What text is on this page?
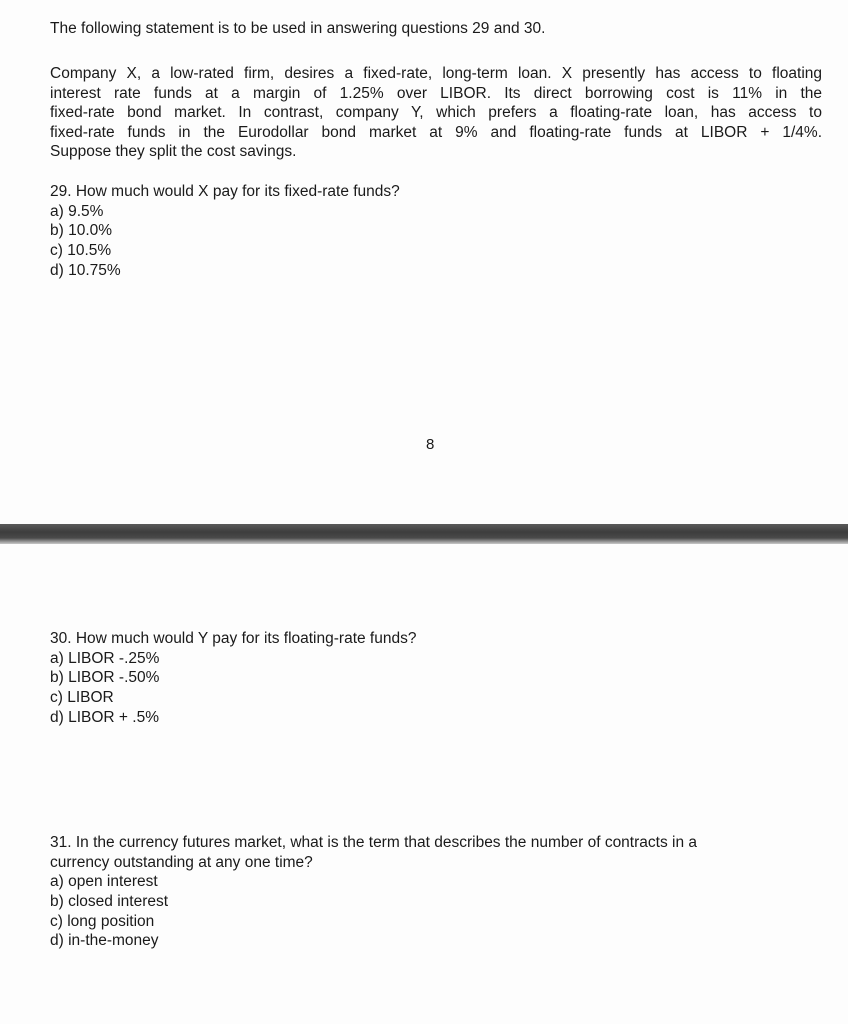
The following statement is to be used in answering questions 29 and 30.
Company X, a low-rated firm, desires a fixed-rate, long-term loan. X presently has access to floating
interest rate funds at a margin of 1.25% over LIBOR. Its direct borrowing cost is 11% in the
fixed-rate bond market. In contrast, company Y, which prefers a floating-rate loan, has access to
fixed-rate funds in the Eurodollar bond market at 9% and floating-rate funds at LIBOR + 1/4%.
Suppose they split the cost savings.
29. How much would X pay for its fixed-rate funds?
a) 9.5%
b) 10.0%
c) 10.5%
d) 10.75%
8
30. How much would Y pay for its floating-rate funds?
a) LIBOR -.25%
b) LIBOR -.50%
c) LIBOR
d) LIBOR + .5%
31. In the currency futures market, what is the term that describes the number of contracts in a
currency outstanding at any one time?
a) open interest
b) closed interest
c) long position
d) in-the-money
